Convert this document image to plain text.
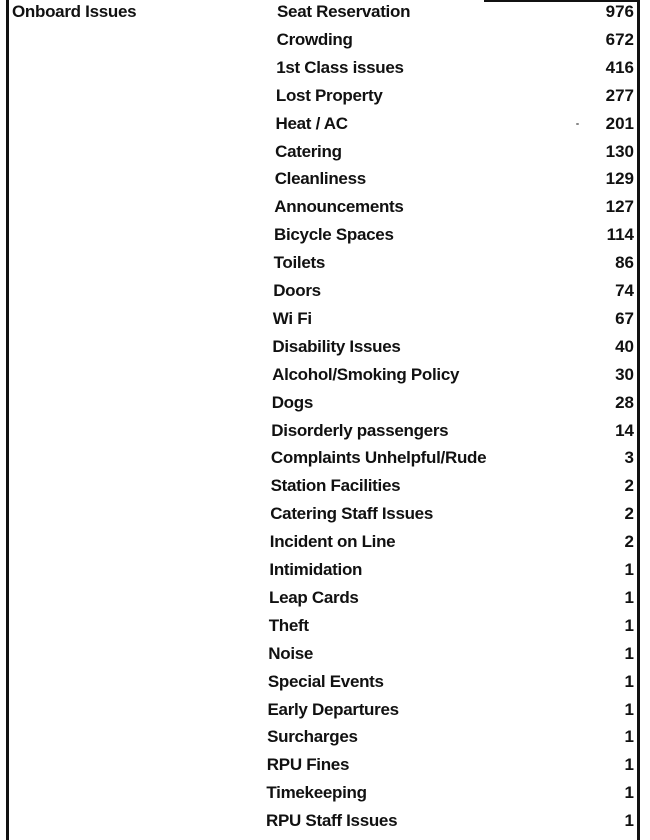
Onboard Issues	Seat Reservation	976
Crowding	672
1st Class issues	416
Lost Property	277
Heat / AC	201
Catering	130
Cleanliness	129
Announcements	127
Bicycle Spaces	114
Toilets	86
Doors	74
Wi Fi	67
Disability Issues	40
Alcohol/Smoking Policy	30
Dogs	28
Disorderly passengers	14
Complaints Unhelpful/Rude	3
Station Facilities	2
Catering Staff Issues	2
Incident on Line	2
Intimidation	1
Leap Cards	1
Theft	1
Noise	1
Special Events	1
Early Departures	1
Surcharges	1
RPU Fines	1
Timekeeping	1
RPU Staff Issues	1
